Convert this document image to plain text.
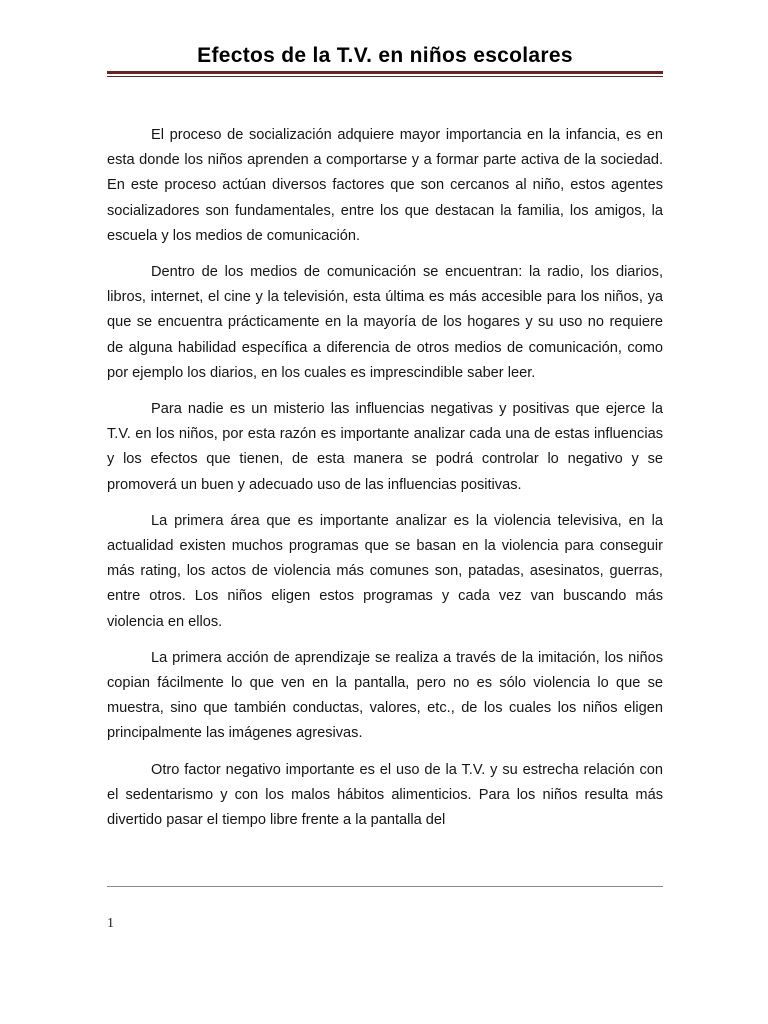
Efectos de la T.V. en niños escolares

El proceso de socialización adquiere mayor importancia en la infancia, es en esta donde los niños aprenden a comportarse y a formar parte activa de la sociedad. En este proceso actúan diversos factores que son cercanos al niño, estos agentes socializadores son fundamentales, entre los que destacan la familia, los amigos, la escuela y los medios de comunicación.

Dentro de los medios de comunicación se encuentran: la radio, los diarios, libros, internet, el cine y la televisión, esta última es más accesible para los niños, ya que se encuentra prácticamente en la mayoría de los hogares y su uso no requiere de alguna habilidad específica a diferencia de otros medios de comunicación, como por ejemplo los diarios, en los cuales es imprescindible saber leer.

Para nadie es un misterio las influencias negativas y positivas que ejerce la T.V. en los niños, por esta razón es importante analizar cada una de estas influencias y los efectos que tienen, de esta manera se podrá controlar lo negativo y se promoverá un buen y adecuado uso de las influencias positivas.

La primera área que es importante analizar es la violencia televisiva, en la actualidad existen muchos programas que se basan en la violencia para conseguir más rating, los actos de violencia más comunes son, patadas, asesinatos, guerras, entre otros. Los niños eligen estos programas y cada vez van buscando más violencia en ellos.

La primera acción de aprendizaje se realiza a través de la imitación, los niños copian fácilmente lo que ven en la pantalla, pero no es sólo violencia lo que se muestra, sino que también conductas, valores, etc., de los cuales los niños eligen principalmente las imágenes agresivas.

Otro factor negativo importante es el uso de la T.V. y su estrecha relación con el sedentarismo y con los malos hábitos alimenticios. Para los niños resulta más divertido pasar el tiempo libre frente a la pantalla del

1
